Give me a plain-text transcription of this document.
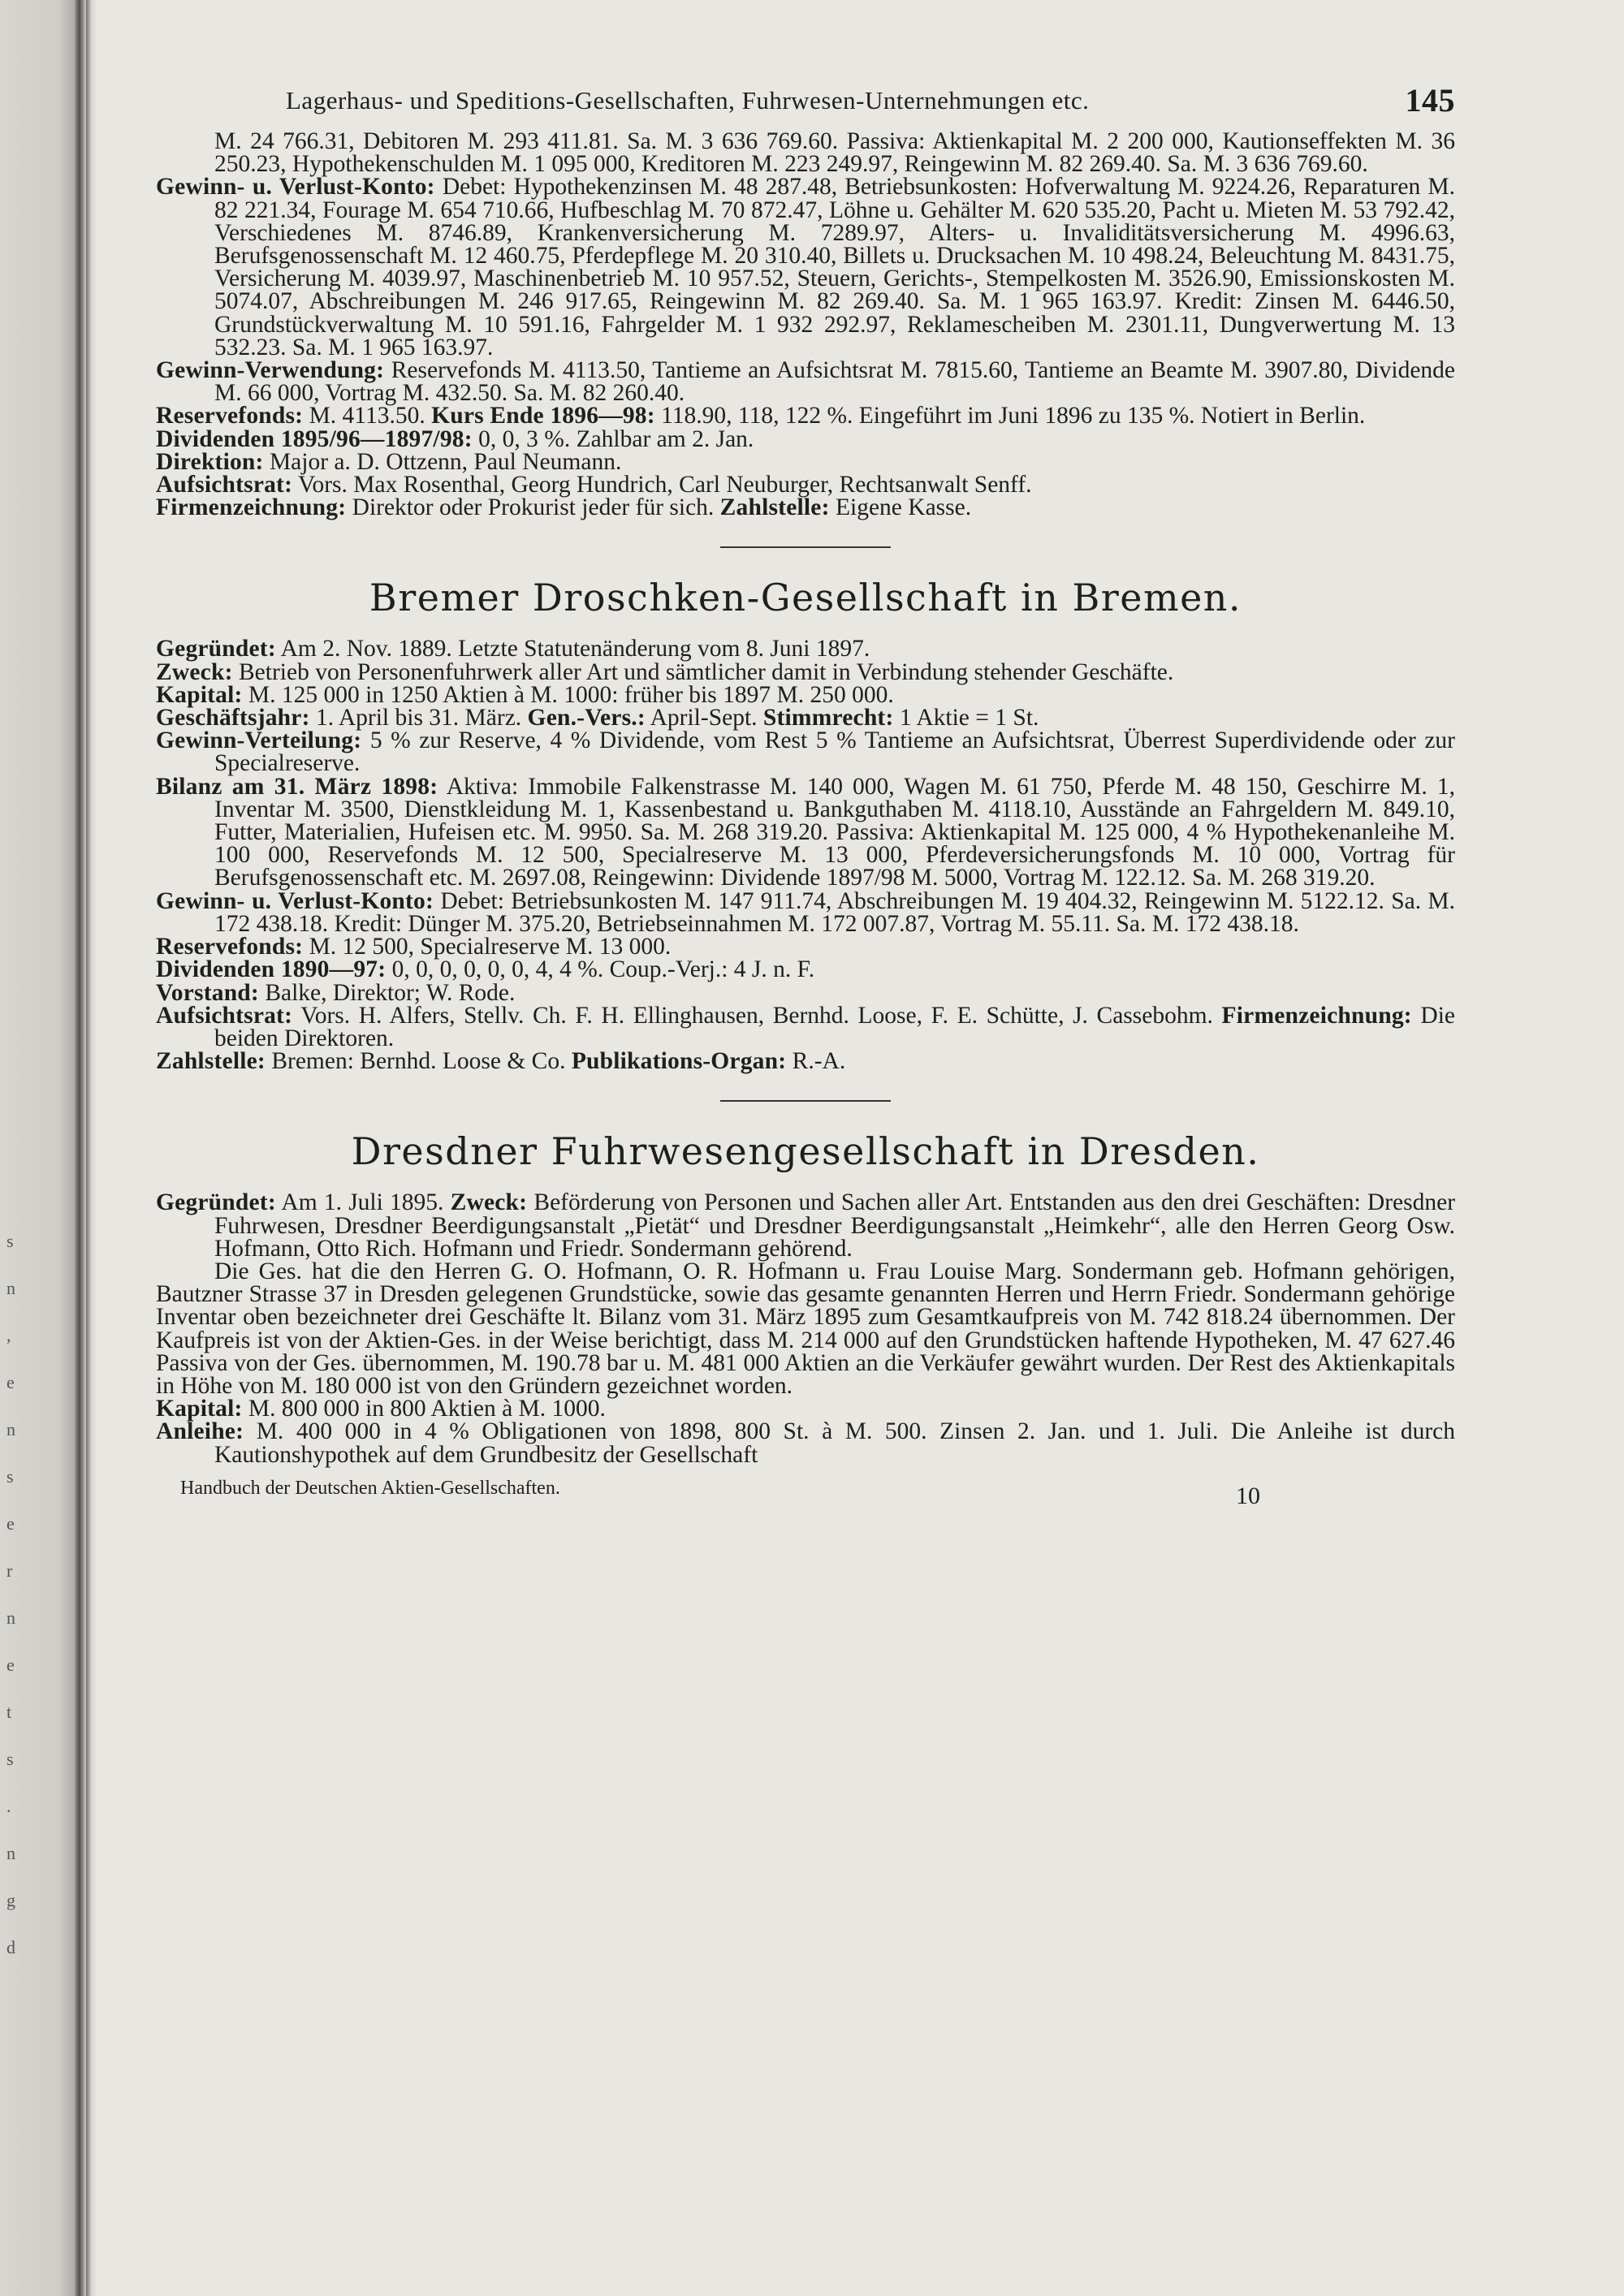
s
n
,
e
n
s
e
r
n
e
t
s
.
n
g
d
Lagerhaus- und Speditions-Gesellschaften, Fuhrwesen-Unternehmungen etc.	145

M. 24 766.31, Debitoren M. 293 411.81. Sa. M. 3 636 769.60. Passiva: Aktienkapital M. 2 200 000, Kautionseffekten M. 36 250.23, Hypothekenschulden M. 1 095 000, Kreditoren M. 223 249.97, Reingewinn M. 82 269.40. Sa. M. 3 636 769.60.

Gewinn- u. Verlust-Konto: Debet: Hypothekenzinsen M. 48 287.48, Betriebsunkosten: Hofverwaltung M. 9224.26, Reparaturen M. 82 221.34, Fourage M. 654 710.66, Hufbeschlag M. 70 872.47, Löhne u. Gehälter M. 620 535.20, Pacht u. Mieten M. 53 792.42, Verschiedenes M. 8746.89, Krankenversicherung M. 7289.97, Alters- u. Invaliditätsversicherung M. 4996.63, Berufsgenossenschaft M. 12 460.75, Pferdepflege M. 20 310.40, Billets u. Drucksachen M. 10 498.24, Beleuchtung M. 8431.75, Versicherung M. 4039.97, Maschinenbetrieb M. 10 957.52, Steuern, Gerichts-, Stempelkosten M. 3526.90, Emissionskosten M. 5074.07, Abschreibungen M. 246 917.65, Reingewinn M. 82 269.40. Sa. M. 1 965 163.97. Kredit: Zinsen M. 6446.50, Grundstückverwaltung M. 10 591.16, Fahrgelder M. 1 932 292.97, Reklamescheiben M. 2301.11, Dungverwertung M. 13 532.23. Sa. M. 1 965 163.97.

Gewinn-Verwendung: Reservefonds M. 4113.50, Tantieme an Aufsichtsrat M. 7815.60, Tantieme an Beamte M. 3907.80, Dividende M. 66 000, Vortrag M. 432.50. Sa. M. 82 260.40.

Reservefonds: M. 4113.50. Kurs Ende 1896—98: 118.90, 118, 122 %. Eingeführt im Juni 1896 zu 135 %. Notiert in Berlin.

Dividenden 1895/96—1897/98: 0, 0, 3 %. Zahlbar am 2. Jan.

Direktion: Major a. D. Ottzenn, Paul Neumann.

Aufsichtsrat: Vors. Max Rosenthal, Georg Hundrich, Carl Neuburger, Rechtsanwalt Senff.

Firmenzeichnung: Direktor oder Prokurist jeder für sich. Zahlstelle: Eigene Kasse.

Bremer Droschken-Gesellschaft in Bremen.

Gegründet: Am 2. Nov. 1889. Letzte Statutenänderung vom 8. Juni 1897.

Zweck: Betrieb von Personenfuhrwerk aller Art und sämtlicher damit in Verbindung stehender Geschäfte.

Kapital: M. 125 000 in 1250 Aktien à M. 1000: früher bis 1897 M. 250 000.

Geschäftsjahr: 1. April bis 31. März. Gen.-Vers.: April-Sept. Stimmrecht: 1 Aktie = 1 St.

Gewinn-Verteilung: 5 % zur Reserve, 4 % Dividende, vom Rest 5 % Tantieme an Aufsichtsrat, Überrest Superdividende oder zur Specialreserve.

Bilanz am 31. März 1898: Aktiva: Immobile Falkenstrasse M. 140 000, Wagen M. 61 750, Pferde M. 48 150, Geschirre M. 1, Inventar M. 3500, Dienstkleidung M. 1, Kassenbestand u. Bankguthaben M. 4118.10, Ausstände an Fahrgeldern M. 849.10, Futter, Materialien, Hufeisen etc. M. 9950. Sa. M. 268 319.20. Passiva: Aktienkapital M. 125 000, 4 % Hypothekenanleihe M. 100 000, Reservefonds M. 12 500, Specialreserve M. 13 000, Pferdeversicherungsfonds M. 10 000, Vortrag für Berufsgenossenschaft etc. M. 2697.08, Reingewinn: Dividende 1897/98 M. 5000, Vortrag M. 122.12. Sa. M. 268 319.20.

Gewinn- u. Verlust-Konto: Debet: Betriebsunkosten M. 147 911.74, Abschreibungen M. 19 404.32, Reingewinn M. 5122.12. Sa. M. 172 438.18. Kredit: Dünger M. 375.20, Betriebseinnahmen M. 172 007.87, Vortrag M. 55.11. Sa. M. 172 438.18.

Reservefonds: M. 12 500, Specialreserve M. 13 000.

Dividenden 1890—97: 0, 0, 0, 0, 0, 0, 4, 4 %. Coup.-Verj.: 4 J. n. F.

Vorstand: Balke, Direktor; W. Rode.

Aufsichtsrat: Vors. H. Alfers, Stellv. Ch. F. H. Ellinghausen, Bernhd. Loose, F. E. Schütte, J. Cassebohm. Firmenzeichnung: Die beiden Direktoren.

Zahlstelle: Bremen: Bernhd. Loose & Co. Publikations-Organ: R.-A.

Dresdner Fuhrwesengesellschaft in Dresden.

Gegründet: Am 1. Juli 1895. Zweck: Beförderung von Personen und Sachen aller Art. Entstanden aus den drei Geschäften: Dresdner Fuhrwesen, Dresdner Beerdigungsanstalt „Pietät“ und Dresdner Beerdigungsanstalt „Heimkehr“, alle den Herren Georg Osw. Hofmann, Otto Rich. Hofmann und Friedr. Sondermann gehörend.

Die Ges. hat die den Herren G. O. Hofmann, O. R. Hofmann u. Frau Louise Marg. Sondermann geb. Hofmann gehörigen, Bautzner Strasse 37 in Dresden gelegenen Grundstücke, sowie das gesamte genannten Herren und Herrn Friedr. Sondermann gehörige Inventar oben bezeichneter drei Geschäfte lt. Bilanz vom 31. März 1895 zum Gesamtkaufpreis von M. 742 818.24 übernommen. Der Kaufpreis ist von der Aktien-Ges. in der Weise berichtigt, dass M. 214 000 auf den Grundstücken haftende Hypotheken, M. 47 627.46 Passiva von der Ges. übernommen, M. 190.78 bar u. M. 481 000 Aktien an die Verkäufer gewährt wurden. Der Rest des Aktienkapitals in Höhe von M. 180 000 ist von den Gründern gezeichnet worden.

Kapital: M. 800 000 in 800 Aktien à M. 1000.

Anleihe: M. 400 000 in 4 % Obligationen von 1898, 800 St. à M. 500. Zinsen 2. Jan. und 1. Juli. Die Anleihe ist durch Kautionshypothek auf dem Grundbesitz der Gesellschaft

Handbuch der Deutschen Aktien-Gesellschaften.	10
